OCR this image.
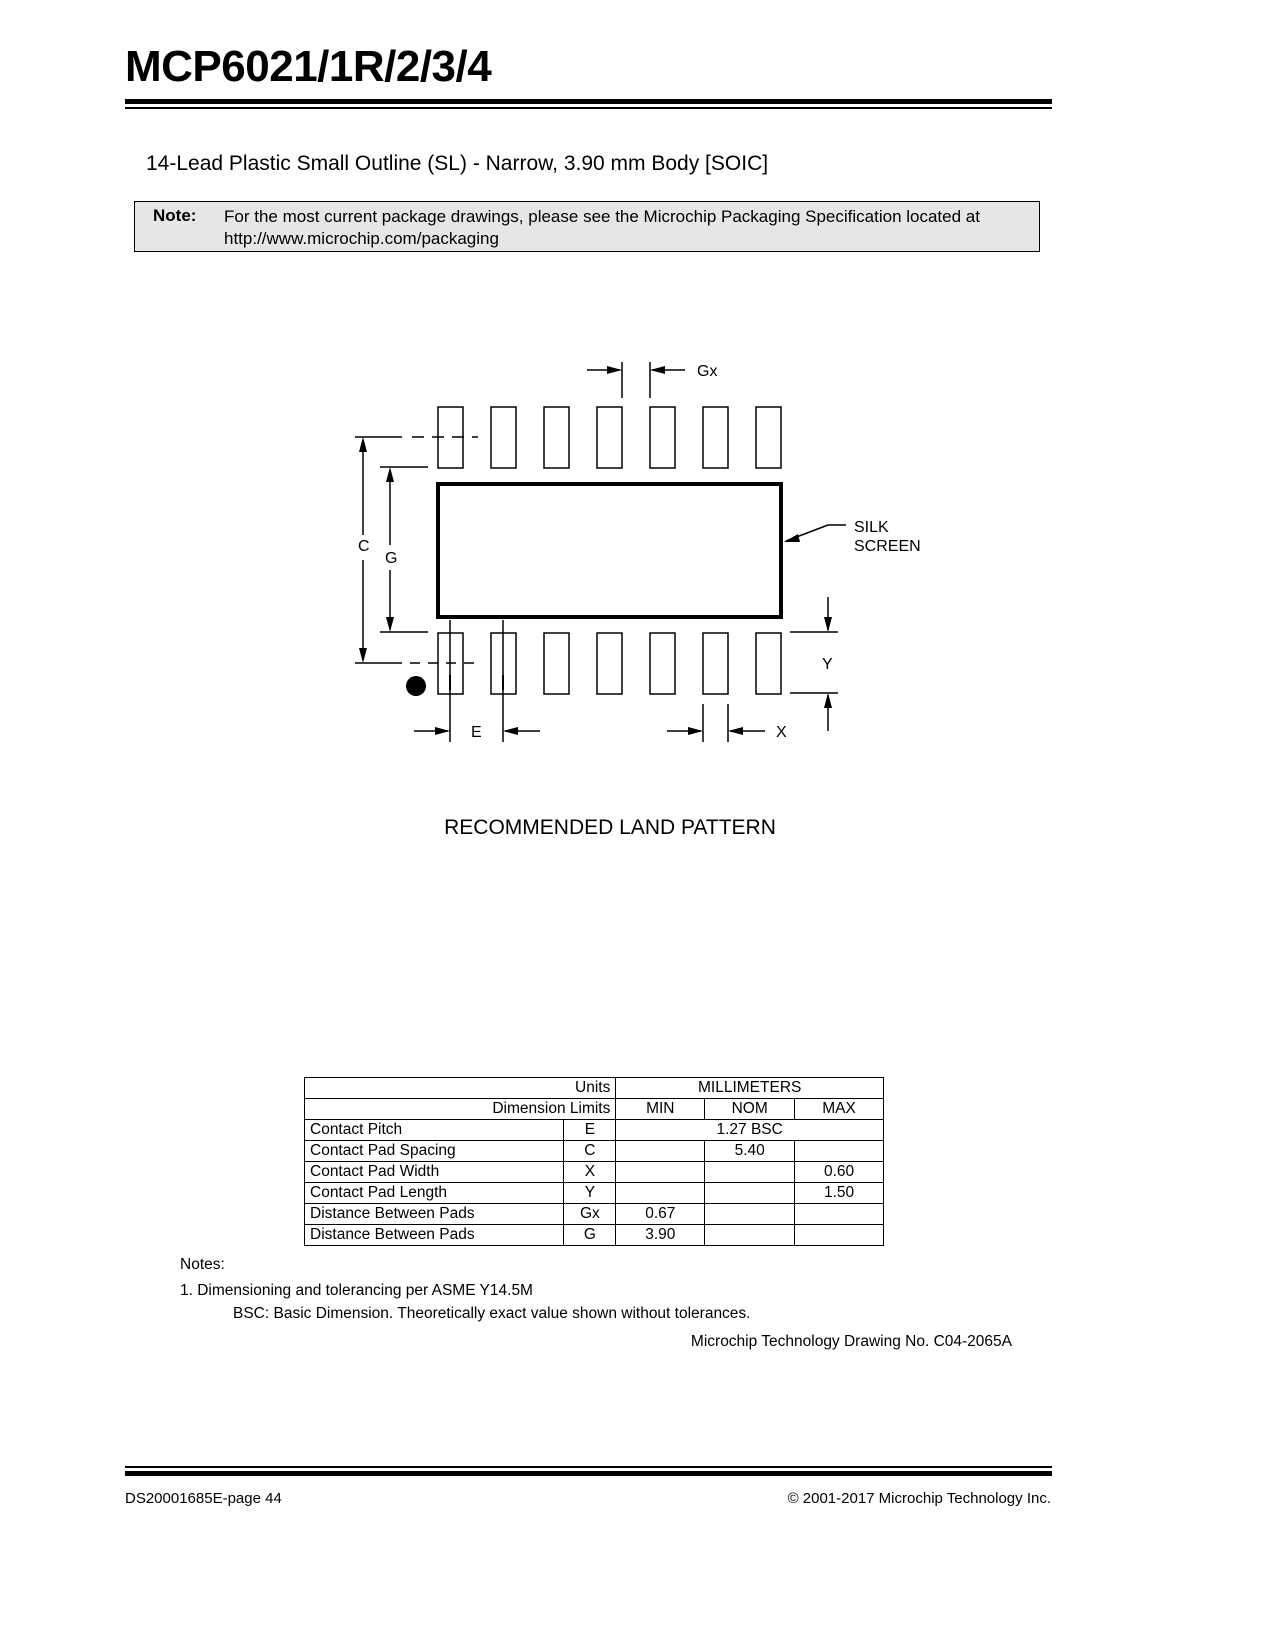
MCP6021/1R/2/3/4
14-Lead Plastic Small Outline (SL) - Narrow, 3.90 mm Body [SOIC]
Note: For the most current package drawings, please see the Microchip Packaging Specification located at
http://www.microchip.com/packaging
Gx
C
G
SILK
SCREEN
Y
E	X
RECOMMENDED LAND PATTERN
Units		MILLIMETERS		
Dimension Limits		MIN	NOM	MAX
Contact Pitch	E	1.27 BSC		
Contact Pad Spacing	C		5.40	
Contact Pad Width	X			0.60
Contact Pad Length	Y			1.50
Distance Between Pads	Gx	0.67		
Distance Between Pads	G	3.90		
Notes:
1. Dimensioning and tolerancing per ASME Y14.5M
BSC: Basic Dimension. Theoretically exact value shown without tolerances.
Microchip Technology Drawing No. C04-2065A
DS20001685E-page 44	© 2001-2017 Microchip Technology Inc.
